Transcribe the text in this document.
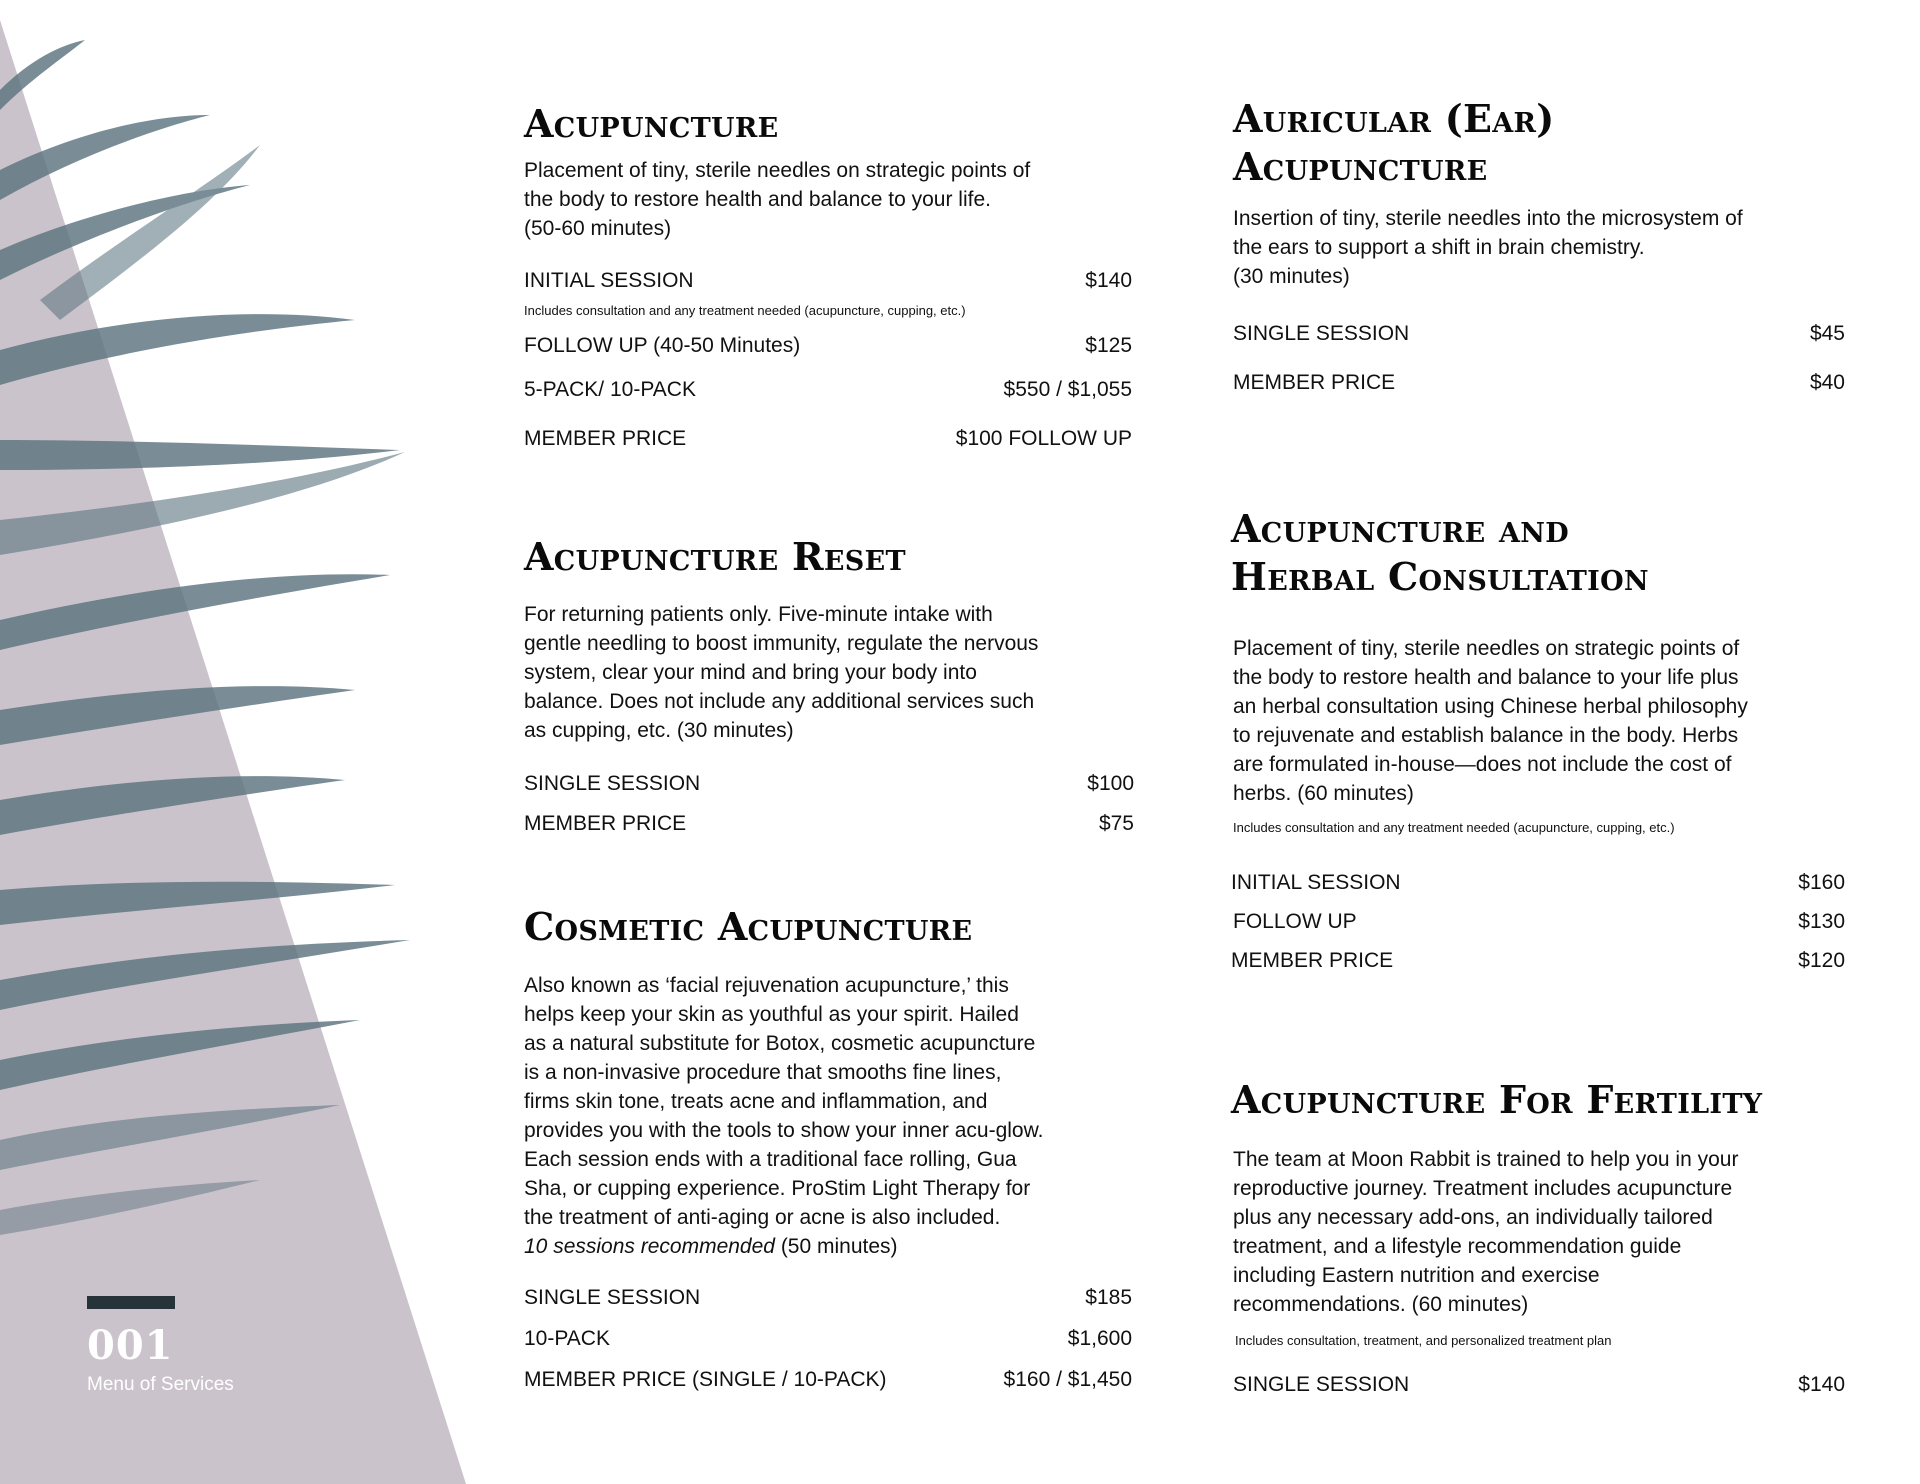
001
Menu of Services
Acupuncture

Placement of tiny, sterile needles on strategic points of
the body to restore health and balance to your life.
(50-60 minutes)

INITIAL SESSION	$140

Includes consultation and any treatment needed (acupuncture, cupping, etc.)

FOLLOW UP (40-50 Minutes)	$125
5-PACK/ 10-PACK	$550 / $1,055
MEMBER PRICE	$100 FOLLOW UP
Acupuncture Reset

For returning patients only. Five-minute intake with
gentle needling to boost immunity, regulate the nervous
system, clear your mind and bring your body into
balance. Does not include any additional services such
as cupping, etc. (30 minutes)

SINGLE SESSION	$100
MEMBER PRICE	$75
Cosmetic Acupuncture

Also known as ‘facial rejuvenation acupuncture,’ this
helps keep your skin as youthful as your spirit. Hailed
as a natural substitute for Botox, cosmetic acupuncture
is a non-invasive procedure that smooths fine lines,
firms skin tone, treats acne and inflammation, and
provides you with the tools to show your inner acu-glow.
Each session ends with a traditional face rolling, Gua
Sha, or cupping experience. ProStim Light Therapy for
the treatment of anti-aging or acne is also included.

10 sessions recommended (50 minutes)

SINGLE SESSION	$185
10-PACK	$1,600
MEMBER PRICE (SINGLE / 10-PACK)	$160 / $1,450
Auricular (Ear)
Acupuncture

Insertion of tiny, sterile needles into the microsystem of
the ears to support a shift in brain chemistry.
(30 minutes)

SINGLE SESSION	$45
MEMBER PRICE	$40
Acupuncture and
Herbal Consultation

Placement of tiny, sterile needles on strategic points of
the body to restore health and balance to your life plus
an herbal consultation using Chinese herbal philosophy
to rejuvenate and establish balance in the body. Herbs
are formulated in-house—does not include the cost of
herbs. (60 minutes)

Includes consultation and any treatment needed (acupuncture, cupping, etc.)

INITIAL SESSION	$160
FOLLOW UP	$130
MEMBER PRICE	$120
Acupuncture For Fertility

The team at Moon Rabbit is trained to help you in your
reproductive journey. Treatment includes acupuncture
plus any necessary add-ons, an individually tailored
treatment, and a lifestyle recommendation guide
including Eastern nutrition and exercise
recommendations. (60 minutes)

Includes consultation, treatment, and personalized treatment plan

SINGLE SESSION	$140
